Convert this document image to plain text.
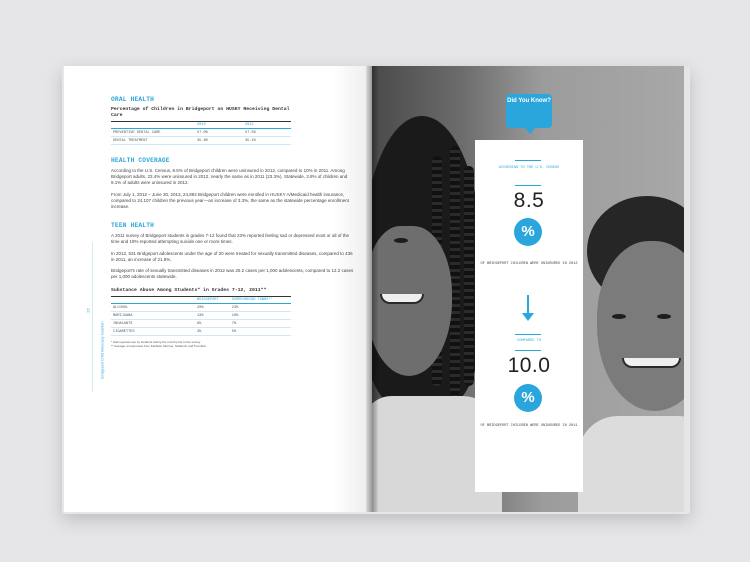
22
Bridgeport Child Advocacy Coalition
ORAL HEALTH
Percentage of Children in Bridgeport on HUSKY Receiving Dental Care
	2010	2011
PREVENTIVE DENTAL CARE	57.0%	57.5%
DENTAL TREATMENT	35.6%	35.1%
HEALTH COVERAGE
According to the U.S. Census, 8.5% of Bridgeport children were uninsured in 2012, compared to 10% in 2011. Among Bridgeport adults, 23.4% were uninsured in 2012, nearly the same as in 2011 (23.3%). Statewide, 3.8% of children and 9.1% of adults were uninsured in 2012.
From July 1, 2012 – June 30, 2013, 24,894 Bridgeport children were enrolled in HUSKY A/Medicaid health insurance, compared to 24,107 children the previous year—an increase of 3.3%, the same as the statewide percentage enrollment increase.
TEEN HEALTH
A 2011 survey of Bridgeport students in grades 7-12 found that 23% reported feeling sad or depressed most or all of the time and 19% reported attempting suicide one or more times.
In 2012, 531 Bridgeport adolescents under the age of 20 were treated for sexually transmitted diseases, compared to 436 in 2011, an increase of 21.8%.
Bridgeport's rate of sexually transmitted diseases in 2012 was 25.2 cases per 1,000 adolescents, compared to 12.2 cases per 1,000 adolescents statewide.
Substance Abuse Among Students* in Grades 7-12, 2011**
	BRIDGEPORT	SURROUNDING TOWNS**
ALCOHOL	20%	23%
MARIJUANA	13%	10%
INHALANTS	9%	7%
CIGARETTES	3%	5%
* Self-reported use by students during the month prior to the survey
** Average of responses from Fairfield, Monroe, Stratford, and Trumbull
Did You Know?
ACCORDING TO THE U.S. CENSUS
8.5
%
OF BRIDGEPORT CHILDREN WERE UNINSURED IN 2012
COMPARED TO
10.0
%
OF BRIDGEPORT CHILDREN WERE UNINSURED IN 2011
